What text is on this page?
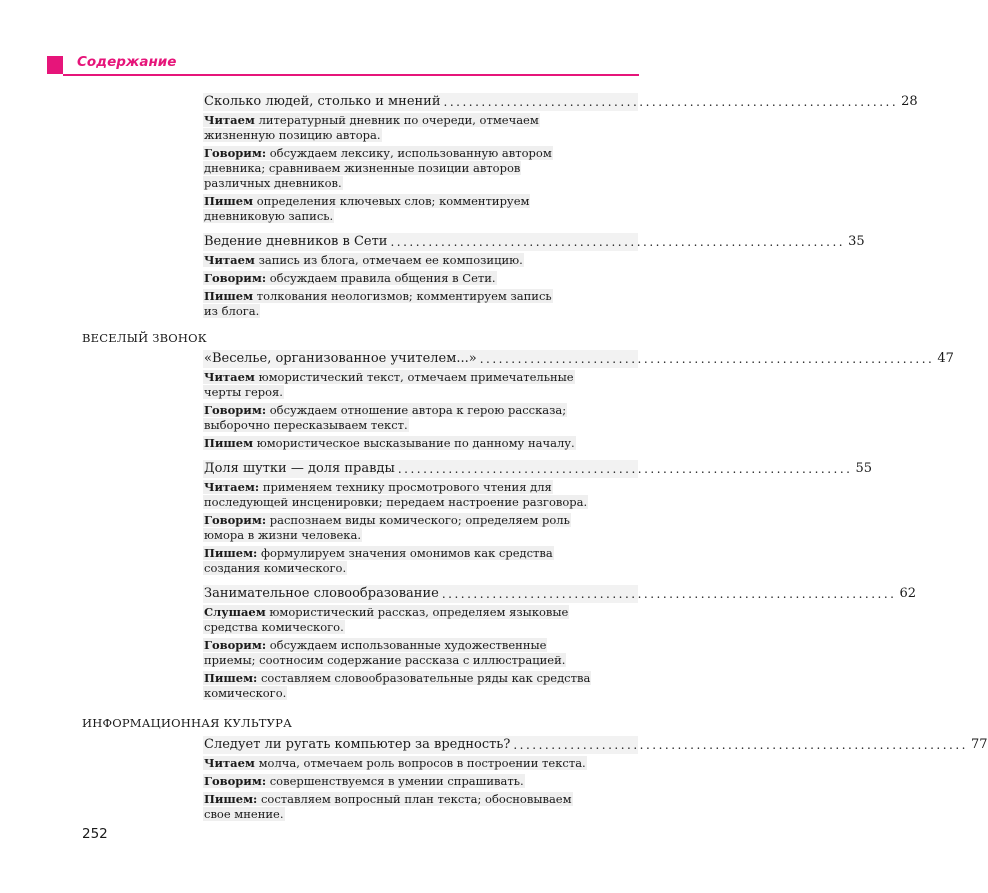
Содержание
ВЕСЕЛЫЙ ЗВОНОК
ИНФОРМАЦИОННАЯ КУЛЬТУРА
Сколько людей, столько и мнений ........................................................................ 28
Читаем литературный дневник по очереди, отмечаем
жизненную позицию автора.
Говорим: обсуждаем лексику, использованную автором
дневника; сравниваем жизненные позиции авторов
различных дневников.
Пишем определения ключевых слов; комментируем
дневниковую запись.
Ведение дневников в Сети ........................................................................ 35
Читаем запись из блога, отмечаем ее композицию.
Говорим: обсуждаем правила общения в Сети.
Пишем толкования неологизмов; комментируем запись
из блога.
«Веселье, организованное учителем...» ........................................................................ 47
Читаем юмористический текст, отмечаем примечательные
черты героя.
Говорим: обсуждаем отношение автора к герою рассказа;
выборочно пересказываем текст.
Пишем юмористическое высказывание по данному началу.
Доля шутки — доля правды ........................................................................ 55
Читаем: применяем технику просмотрового чтения для
последующей инсценировки; передаем настроение разговора.
Говорим: распознаем виды комического; определяем роль
юмора в жизни человека.
Пишем: формулируем значения омонимов как средства
создания комического.
Занимательное словообразование ........................................................................ 62
Слушаем юмористический рассказ, определяем языковые
средства комического.
Говорим: обсуждаем использованные художественные
приемы; соотносим содержание рассказа с иллюстрацией.
Пишем: составляем словообразовательные ряды как средства
комического.
Следует ли ругать компьютер за вредность? ........................................................................ 77
Читаем молча, отмечаем роль вопросов в построении текста.
Говорим: совершенствуемся в умении спрашивать.
Пишем: составляем вопросный план текста; обосновываем
свое мнение.
252
